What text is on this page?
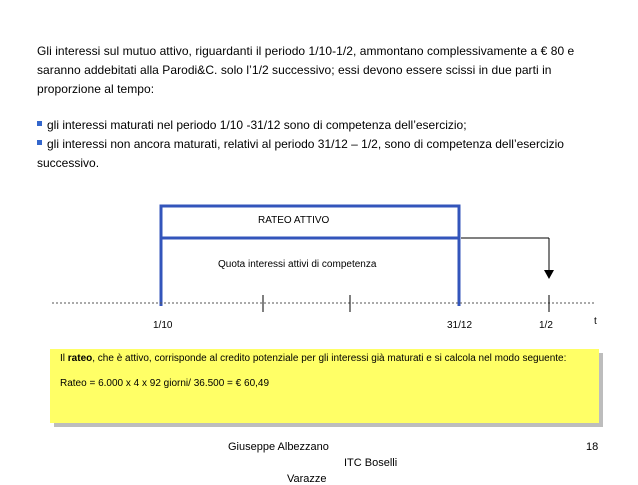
Gli interessi sul mutuo attivo, riguardanti il periodo 1/10-1/2, ammontano complessivamente a € 80 e saranno addebitati alla Parodi&C. solo l’1/2 successivo; essi devono essere scissi in due parti in proporzione al tempo:
gli interessi maturati nel periodo 1/10 -31/12 sono di competenza dell’esercizio;
gli interessi non ancora maturati, relativi al periodo 31/12 – 1/2, sono di competenza dell’esercizio successivo.
RATEO ATTIVO
Quota interessi attivi di competenza
1/10	31/12	1/2	t
Il rateo, che è attivo, corrisponde al credito potenziale per gli interessi già maturati e si calcola nel modo seguente:
Rateo = 6.000 x 4 x 92 giorni/ 36.500 = € 60,49
Giuseppe Albezzano
ITC Boselli
Varazze
18
